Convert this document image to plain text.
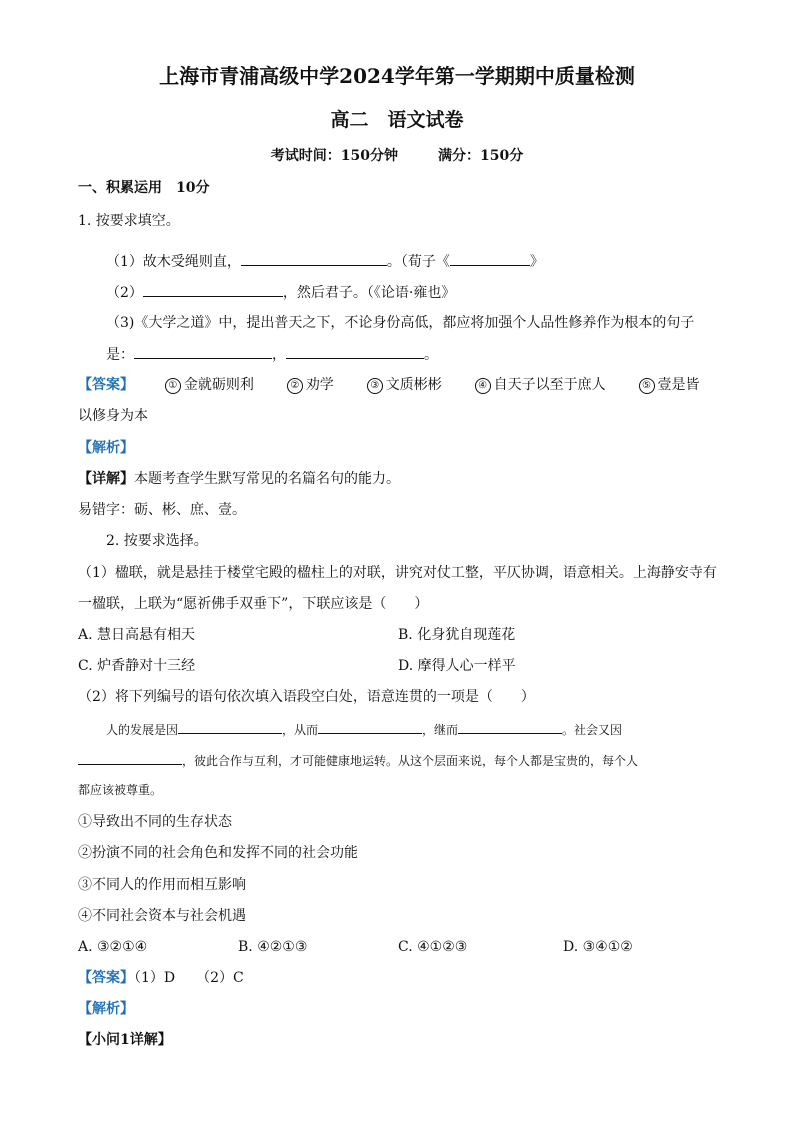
上海市青浦高级中学2024学年第一学期期中质量检测
高二　语文试卷
考试时间：150分钟	满分：150分
一、积累运用　10分
1. 按要求填空。
（1）故木受绳则直，	。（荀子《	》
（2）	，然后君子。（《论语·雍也》
（3)《大学之道》中，提出普天之下，不论身份高低，都应将加强个人品性修养作为根本的句子
是：	，	。
【答案】	① 金就砺则利	② 劝学	③ 文质彬彬	④ 自天子以至于庶人	⑤ 壹是皆
以修身为本
【解析】
【详解】本题考查学生默写常见的名篇名句的能力。
易错字：砺、彬、庶、壹。
2. 按要求选择。
（1）楹联，就是悬挂于楼堂宅殿的楹柱上的对联，讲究对仗工整，平仄协调，语意相关。上海静安寺有
一楹联，上联为“愿祈佛手双垂下”，下联应该是（　　）
A. 慧日高悬有相天	B. 化身犹自现莲花
C. 炉香静对十三经	D. 摩得人心一样平
（2）将下列编号的语句依次填入语段空白处，语意连贯的一项是（　　）
人的发展是因	，从而	，继而	。社会又因
，彼此合作与互利，才可能健康地运转。从这个层面来说，每个人都是宝贵的，每个人
都应该被尊重。
①导致出不同的生存状态
②扮演不同的社会角色和发挥不同的社会功能
③不同人的作用而相互影响
④不同社会资本与社会机遇
A. ③②①④	B. ④②①③	C. ④①②③	D. ③④①②
【答案】（1）D　　（2）C
【解析】
【小问1详解】
